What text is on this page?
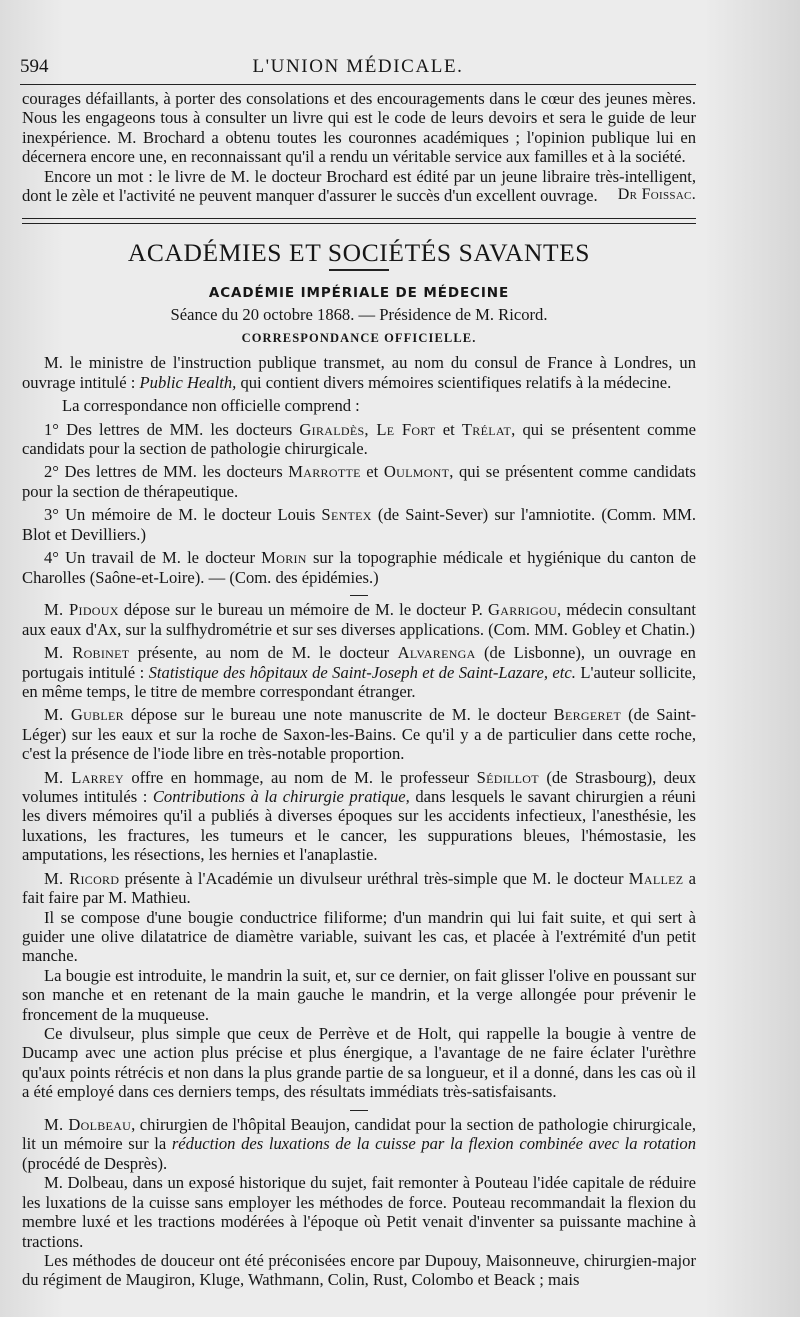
594	L'UNION MÉDICALE.

courages défaillants, à porter des consolations et des encouragements dans le cœur des jeunes mères. Nous les engageons tous à consulter un livre qui est le code de leurs devoirs et sera le guide de leur inexpérience. M. Brochard a obtenu toutes les couronnes académiques ; l'opinion publique lui en décernera encore une, en reconnaissant qu'il a rendu un véritable service aux familles et à la société.

Encore un mot : le livre de M. le docteur Brochard est édité par un jeune libraire très-intelligent, dont le zèle et l'activité ne peuvent manquer d'assurer le succès d'un excellent ouvrage.	Dr Foissac.
ACADÉMIES ET SOCIÉTÉS SAVANTES
ACADÉMIE IMPÉRIALE DE MÉDECINE
Séance du 20 octobre 1868. — Présidence de M. Ricord.
CORRESPONDANCE OFFICIELLE.

M. le ministre de l'instruction publique transmet, au nom du consul de France à Londres, un ouvrage intitulé : Public Health, qui contient divers mémoires scientifiques relatifs à la médecine.

La correspondance non officielle comprend :

1° Des lettres de MM. les docteurs Giraldès, Le Fort et Trélat, qui se présentent comme candidats pour la section de pathologie chirurgicale.

2° Des lettres de MM. les docteurs Marrotte et Oulmont, qui se présentent comme candidats pour la section de thérapeutique.

3° Un mémoire de M. le docteur Louis Sentex (de Saint-Sever) sur l'amniotite. (Comm. MM. Blot et Devilliers.)

4° Un travail de M. le docteur Morin sur la topographie médicale et hygiénique du canton de Charolles (Saône-et-Loire). — (Com. des épidémies.)

M. Pidoux dépose sur le bureau un mémoire de M. le docteur P. Garrigou, médecin consultant aux eaux d'Ax, sur la sulfhydrométrie et sur ses diverses applications. (Com. MM. Gobley et Chatin.)

M. Robinet présente, au nom de M. le docteur Alvarenga (de Lisbonne), un ouvrage en portugais intitulé : Statistique des hôpitaux de Saint-Joseph et de Saint-Lazare, etc. L'auteur sollicite, en même temps, le titre de membre correspondant étranger.

M. Gubler dépose sur le bureau une note manuscrite de M. le docteur Bergeret (de Saint-Léger) sur les eaux et sur la roche de Saxon-les-Bains. Ce qu'il y a de particulier dans cette roche, c'est la présence de l'iode libre en très-notable proportion.

M. Larrey offre en hommage, au nom de M. le professeur Sédillot (de Strasbourg), deux volumes intitulés : Contributions à la chirurgie pratique, dans lesquels le savant chirurgien a réuni les divers mémoires qu'il a publiés à diverses époques sur les accidents infectieux, l'anesthésie, les luxations, les fractures, les tumeurs et le cancer, les suppurations bleues, l'hémostasie, les amputations, les résections, les hernies et l'anaplastie.

M. Ricord présente à l'Académie un divulseur uréthral très-simple que M. le docteur Mallez a fait faire par M. Mathieu.

Il se compose d'une bougie conductrice filiforme; d'un mandrin qui lui fait suite, et qui sert à guider une olive dilatatrice de diamètre variable, suivant les cas, et placée à l'extrémité d'un petit manche.

La bougie est introduite, le mandrin la suit, et, sur ce dernier, on fait glisser l'olive en poussant sur son manche et en retenant de la main gauche le mandrin, et la verge allongée pour prévenir le froncement de la muqueuse.

Ce divulseur, plus simple que ceux de Perrève et de Holt, qui rappelle la bougie à ventre de Ducamp avec une action plus précise et plus énergique, a l'avantage de ne faire éclater l'urèthre qu'aux points rétrécis et non dans la plus grande partie de sa longueur, et il a donné, dans les cas où il a été employé dans ces derniers temps, des résultats immédiats très-satisfaisants.

M. Dolbeau, chirurgien de l'hôpital Beaujon, candidat pour la section de pathologie chirurgicale, lit un mémoire sur la réduction des luxations de la cuisse par la flexion combinée avec la rotation (procédé de Desprès).

M. Dolbeau, dans un exposé historique du sujet, fait remonter à Pouteau l'idée capitale de réduire les luxations de la cuisse sans employer les méthodes de force. Pouteau recommandait la flexion du membre luxé et les tractions modérées à l'époque où Petit venait d'inventer sa puissante machine à tractions.

Les méthodes de douceur ont été préconisées encore par Dupouy, Maisonneuve, chirurgien-major du régiment de Maugiron, Kluge, Wathmann, Colin, Rust, Colombo et Beack ; mais
